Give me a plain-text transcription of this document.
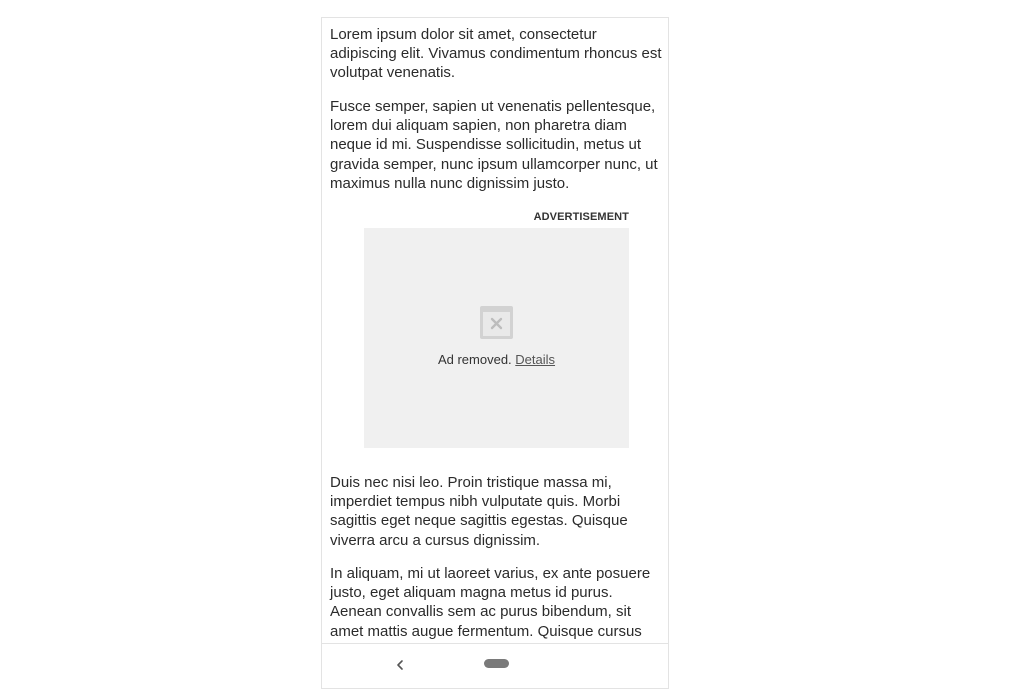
Lorem ipsum dolor sit amet, consectetur adipiscing elit. Vivamus condimentum rhoncus est volutpat venenatis.

Fusce semper, sapien ut venenatis pellentesque, lorem dui aliquam sapien, non pharetra diam neque id mi. Suspendisse sollicitudin, metus ut gravida semper, nunc ipsum ullamcorper nunc, ut maximus nulla nunc dignissim justo.

ADVERTISEMENT
Ad removed. Details

Duis nec nisi leo. Proin tristique massa mi, imperdiet tempus nibh vulputate quis. Morbi sagittis eget neque sagittis egestas. Quisque viverra arcu a cursus dignissim.

In aliquam, mi ut laoreet varius, ex ante posuere justo, eget aliquam magna metus id purus. Aenean convallis sem ac purus bibendum, sit amet mattis augue fermentum. Quisque cursus
